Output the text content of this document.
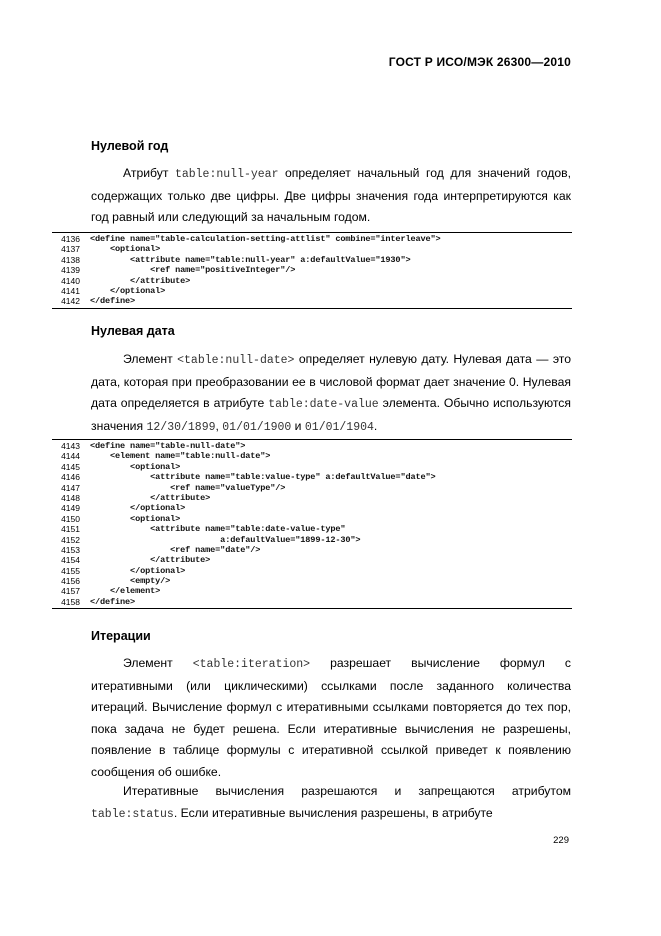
ГОСТ Р ИСО/МЭК 26300—2010
Нулевой год
Атрибут table:null-year определяет начальный год для значений годов, содержащих только две цифры. Две цифры значения года интерпретируются как год равный или следующий за начальным годом.
4136 <define name="table-calculation-setting-attlist" combine="interleave">
4137 <optional>
4138 <attribute name="table:null-year" a:defaultValue="1930">
4139 <ref name="positiveInteger"/>
4140 </attribute>
4141 </optional>
4142 </define>
Нулевая дата
Элемент <table:null-date> определяет нулевую дату. Нулевая дата — это дата, которая при преобразовании ее в числовой формат дает значение 0. Нулевая дата определяется в атрибуте table:date-value элемента. Обычно используются значения 12/30/1899, 01/01/1900 и 01/01/1904.
4143 <define name="table-null-date">
4144 <element name="table:null-date">
4145 <optional>
4146 <attribute name="table:value-type" a:defaultValue="date">
4147 <ref name="valueType"/>
4148 </attribute>
4149 </optional>
4150 <optional>
4151 <attribute name="table:date-value-type"
4152 a:defaultValue="1899-12-30">
4153 <ref name="date"/>
4154 </attribute>
4155 </optional>
4156 <empty/>
4157 </element>
4158 </define>
Итерации
Элемент <table:iteration> разрешает вычисление формул с итеративными (или циклическими) ссылками после заданного количества итераций. Вычисление формул с итеративными ссылками повторяется до тех пор, пока задача не будет решена. Если итеративные вычисления не разрешены, появление в таблице формулы с итеративной ссылкой приведет к появлению сообщения об ошибке.
Итеративные вычисления разрешаются и запрещаются атрибутом table:status. Если итеративные вычисления разрешены, в атрибуте
229
